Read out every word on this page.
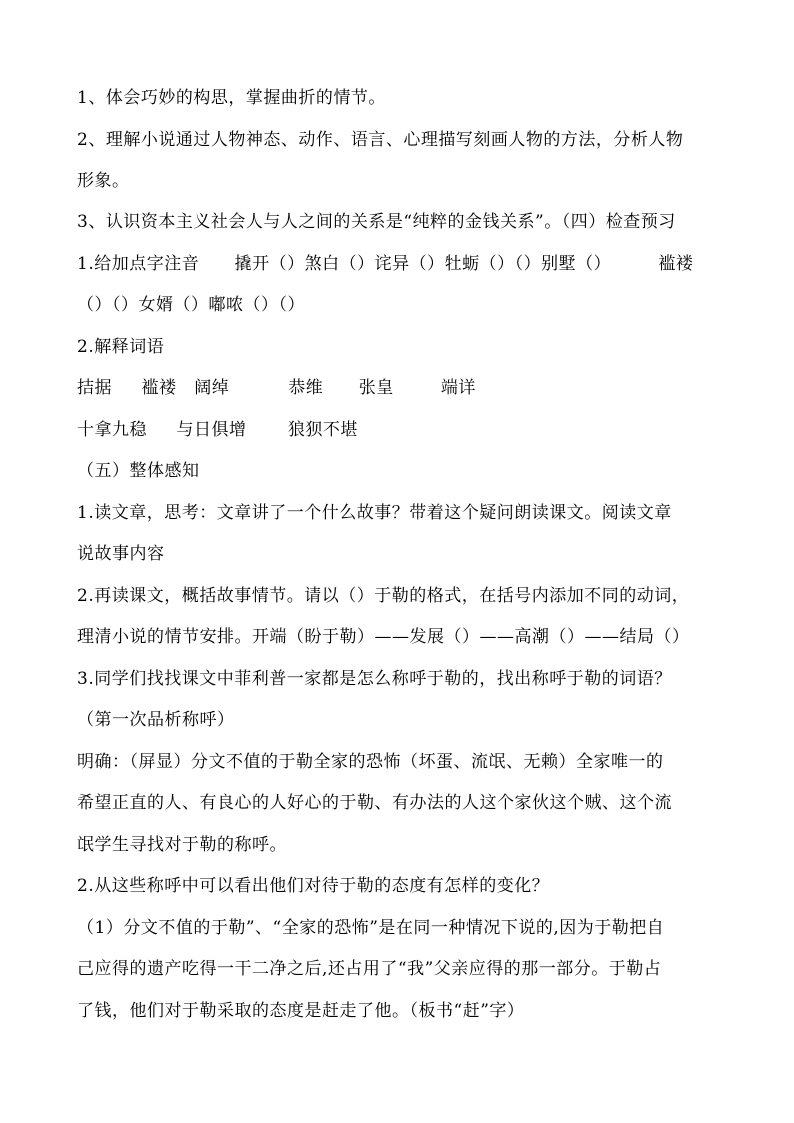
1、体会巧妙的构思，掌握曲折的情节。
2、理解小说通过人物神态、动作、语言、心理描写刻画人物的方法，分析人物
形象。
3、认识资本主义社会人与人之间的关系是“纯粹的金钱关系”。（四）检查预习
1.给加点字注音      撬开（）煞白（）诧异（）牡蛎（）（）别墅（）        褴褛
（）（）女婿（）嘟哝（）（）
2.解释词语
拮据     褴褛   阔绰          恭维      张皇        端详
十拿九稳     与日俱增       狼狈不堪
（五）整体感知
1.读文章，思考：文章讲了一个什么故事？带着这个疑问朗读课文。阅读文章
说故事内容
2.再读课文，概括故事情节。请以（）于勒的格式，在括号内添加不同的动词，
理清小说的情节安排。开端（盼于勒）——发展（）——高潮（）——结局（）
3.同学们找找课文中菲利普一家都是怎么称呼于勒的，找出称呼于勒的词语？
（第一次品析称呼）
明确：（屏显）分文不值的于勒全家的恐怖（坏蛋、流氓、无赖）全家唯一的
希望正直的人、有良心的人好心的于勒、有办法的人这个家伙这个贼、这个流
氓学生寻找对于勒的称呼。
2.从这些称呼中可以看出他们对待于勒的态度有怎样的变化？
（1）分文不值的于勒”、“全家的恐怖”是在同一种情况下说的,因为于勒把自
己应得的遗产吃得一干二净之后,还占用了“我”父亲应得的那一部分。于勒占
了钱，他们对于勒采取的态度是赶走了他。（板书“赶”字）
